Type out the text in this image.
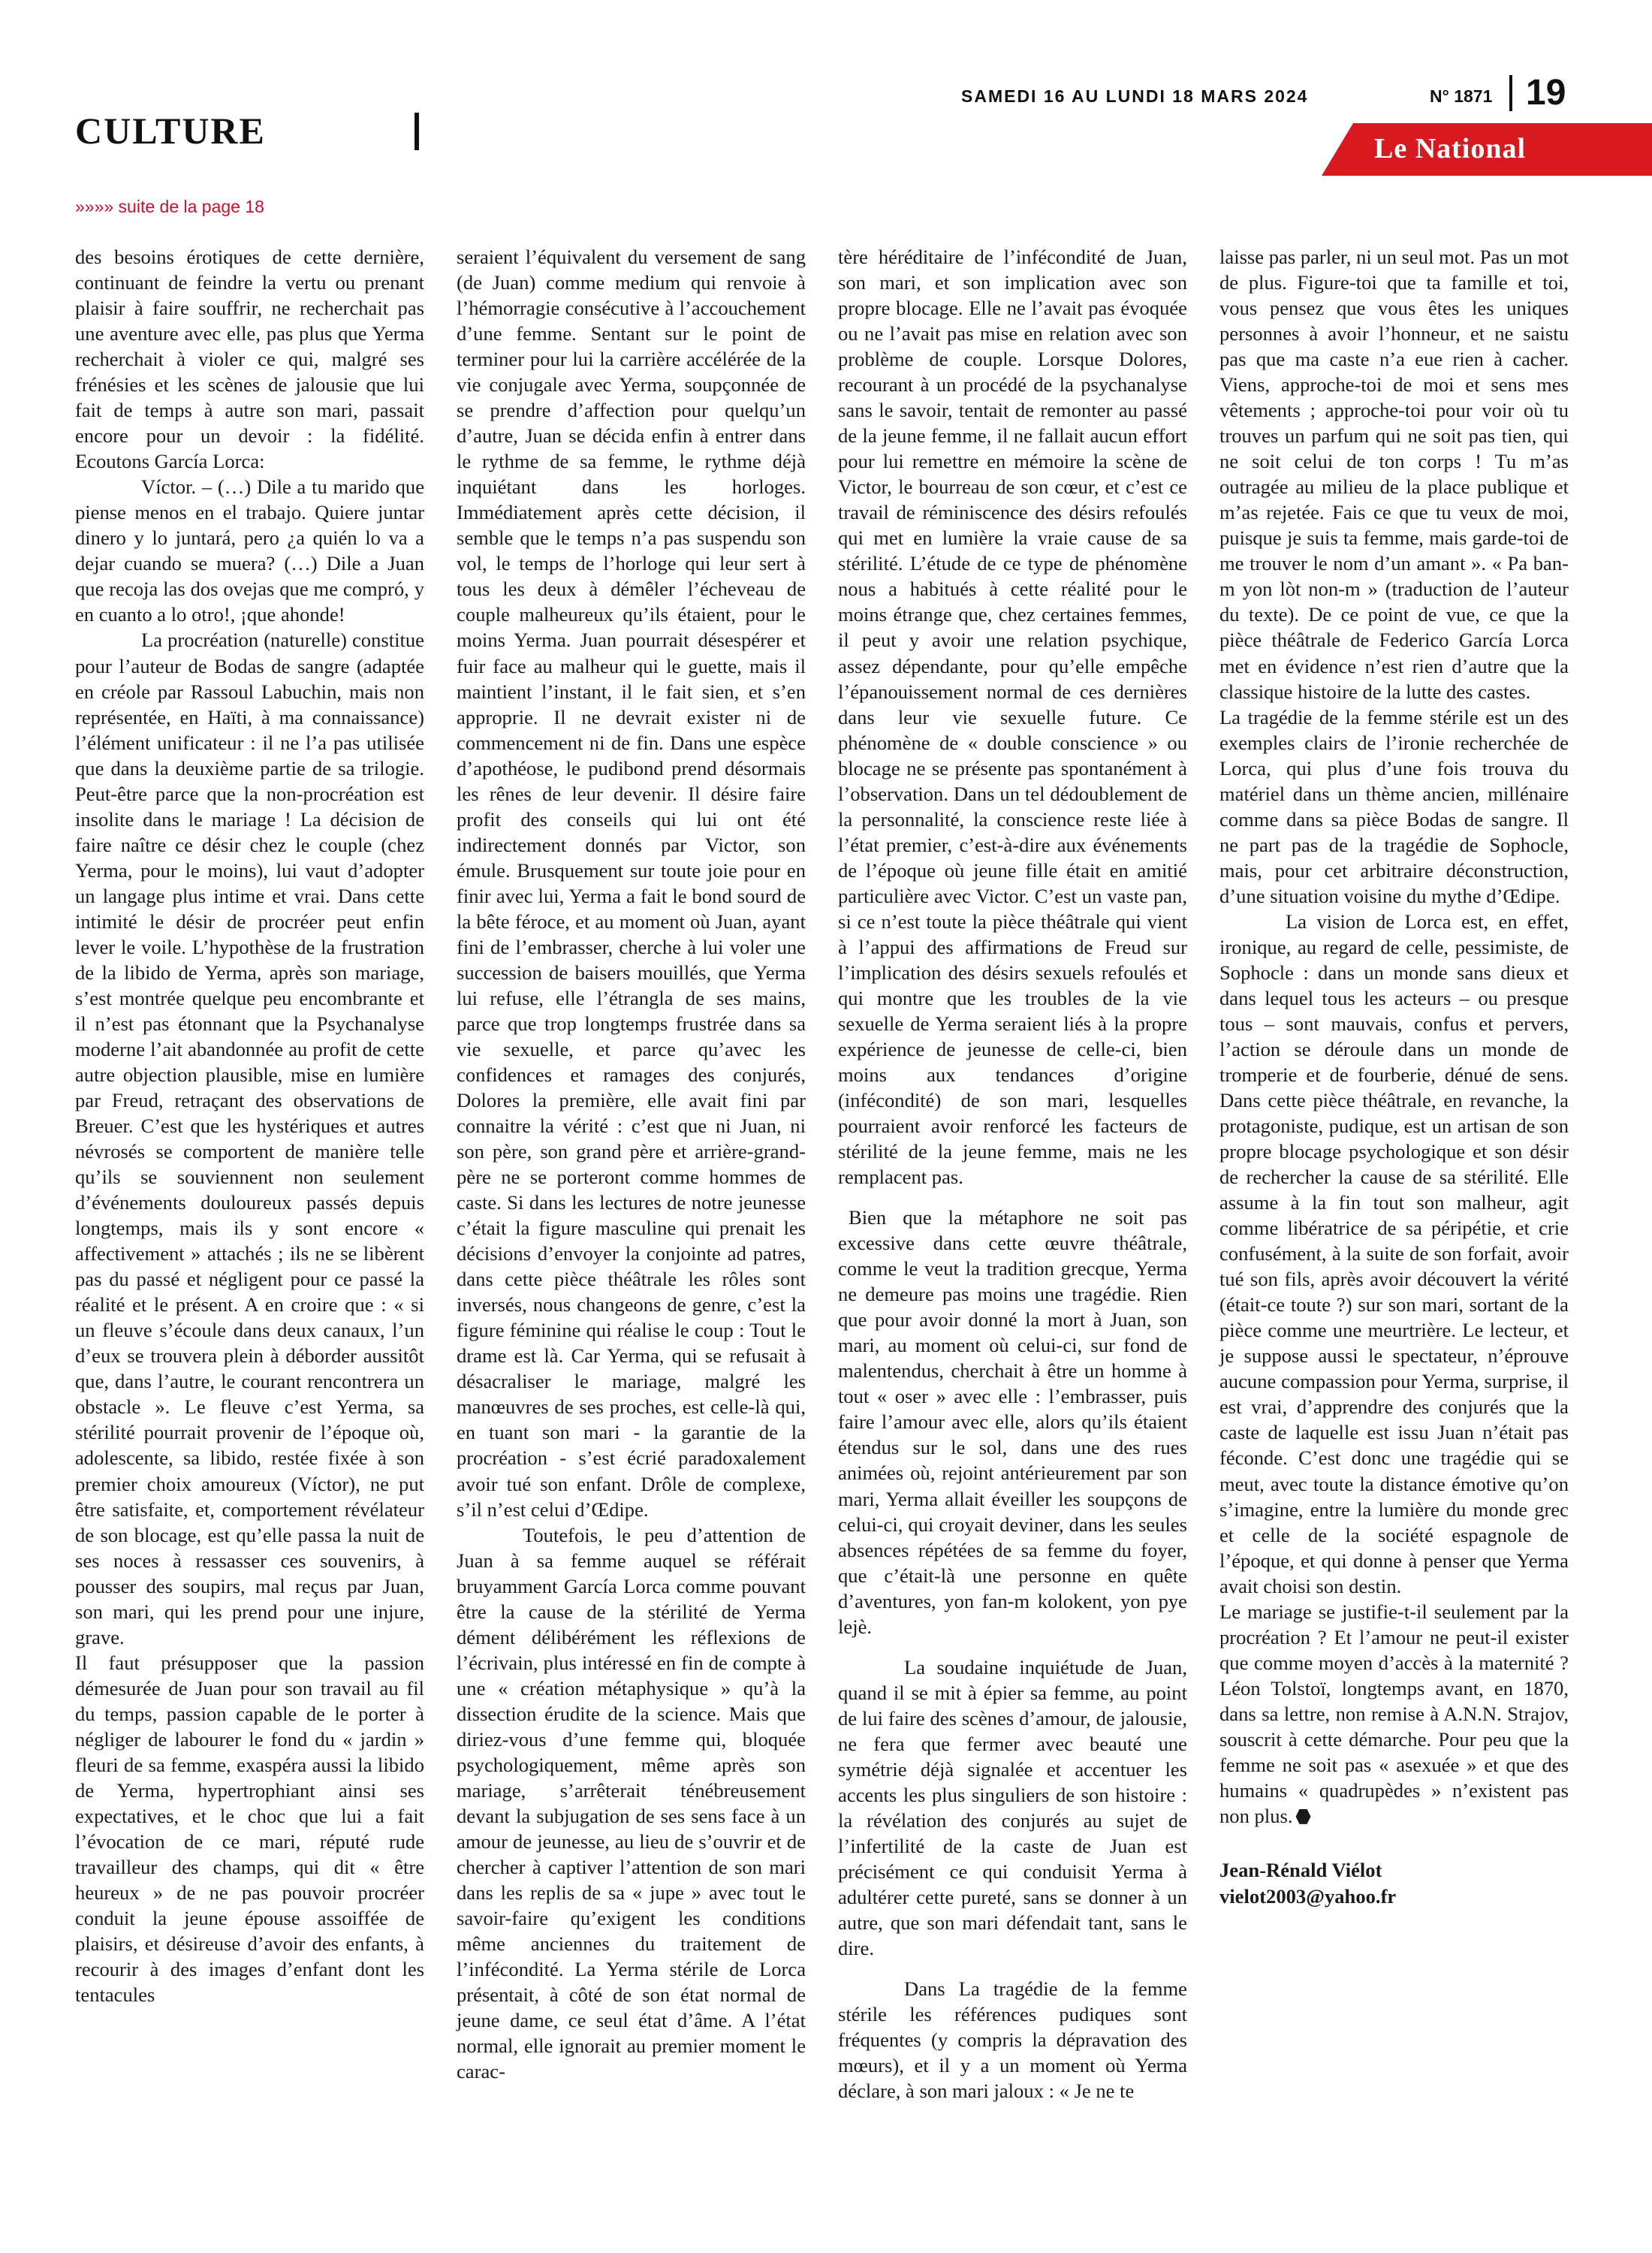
CULTURE
SAMEDI 16 AU LUNDI 18 MARS 2024	N° 1871 19
Le National
»»»» suite de la page 18

des besoins érotiques de cette dernière, continuant de feindre la vertu ou prenant plaisir à faire souffrir, ne recherchait pas une aventure avec elle, pas plus que Yerma recherchait à violer ce qui, malgré ses frénésies et les scènes de jalousie que lui fait de temps à autre son mari, passait encore pour un devoir : la fidélité. Ecoutons García Lorca:

Víctor. – (…) Dile a tu marido que piense menos en el trabajo. Quiere juntar dinero y lo juntará, pero ¿a quién lo va a dejar cuando se muera? (…) Dile a Juan que recoja las dos ovejas que me compró, y en cuanto a lo otro!, ¡que ahonde!

La procréation (naturelle) constitue pour l’auteur de Bodas de sangre (adaptée en créole par Rassoul Labuchin, mais non représentée, en Haïti, à ma connaissance) l’élément unificateur : il ne l’a pas utilisée que dans la deuxième partie de sa trilogie. Peut-être parce que la non-procréation est insolite dans le mariage ! La décision de faire naître ce désir chez le couple (chez Yerma, pour le moins), lui vaut d’adopter un langage plus intime et vrai. Dans cette intimité le désir de procréer peut enfin lever le voile. L’hypothèse de la frustration de la libido de Yerma, après son mariage, s’est montrée quelque peu encombrante et il n’est pas étonnant que la Psychanalyse moderne l’ait abandonnée au profit de cette autre objection plausible, mise en lumière par Freud, retraçant des observations de Breuer. C’est que les hystériques et autres névrosés se comportent de manière telle qu’ils se souviennent non seulement d’événements douloureux passés depuis longtemps, mais ils y sont encore « affectivement » attachés ; ils ne se libèrent pas du passé et négligent pour ce passé la réalité et le présent. A en croire que : « si un fleuve s’écoule dans deux canaux, l’un d’eux se trouvera plein à déborder aussitôt que, dans l’autre, le courant rencontrera un obstacle ». Le fleuve c’est Yerma, sa stérilité pourrait provenir de l’époque où, adolescente, sa libido, restée fixée à son premier choix amoureux (Víctor), ne put être satisfaite, et, comportement révélateur de son blocage, est qu’elle passa la nuit de ses noces à ressasser ces souvenirs, à pousser des soupirs, mal reçus par Juan, son mari, qui les prend pour une injure, grave.

Il faut présupposer que la passion démesurée de Juan pour son travail au fil du temps, passion capable de le porter à négliger de labourer le fond du « jardin » fleuri de sa femme, exaspéra aussi la libido de Yerma, hypertrophiant ainsi ses expectatives, et le choc que lui a fait l’évocation de ce mari, réputé rude travailleur des champs, qui dit « être heureux » de ne pas pouvoir procréer conduit la jeune épouse assoiffée de plaisirs, et désireuse d’avoir des enfants, à recourir à des images d’enfant dont les tentacules

seraient l’équivalent du versement de sang (de Juan) comme medium qui renvoie à l’hémorragie consécutive à l’accouchement d’une femme. Sentant sur le point de terminer pour lui la carrière accélérée de la vie conjugale avec Yerma, soupçonnée de se prendre d’affection pour quelqu’un d’autre, Juan se décida enfin à entrer dans le rythme de sa femme, le rythme déjà inquiétant dans les horloges. Immédiatement après cette décision, il semble que le temps n’a pas suspendu son vol, le temps de l’horloge qui leur sert à tous les deux à démêler l’écheveau de couple malheureux qu’ils étaient, pour le moins Yerma. Juan pourrait désespérer et fuir face au malheur qui le guette, mais il maintient l’instant, il le fait sien, et s’en approprie. Il ne devrait exister ni de commencement ni de fin. Dans une espèce d’apothéose, le pudibond prend désormais les rênes de leur devenir. Il désire faire profit des conseils qui lui ont été indirectement donnés par Victor, son émule. Brusquement sur toute joie pour en finir avec lui, Yerma a fait le bond sourd de la bête féroce, et au moment où Juan, ayant fini de l’embrasser, cherche à lui voler une succession de baisers mouillés, que Yerma lui refuse, elle l’étrangla de ses mains, parce que trop longtemps frustrée dans sa vie sexuelle, et parce qu’avec les confidences et ramages des conjurés, Dolores la première, elle avait fini par connaitre la vérité : c’est que ni Juan, ni son père, son grand père et arrière-grand-père ne se porteront comme hommes de caste. Si dans les lectures de notre jeunesse c’était la figure masculine qui prenait les décisions d’envoyer la conjointe ad patres, dans cette pièce théâtrale les rôles sont inversés, nous changeons de genre, c’est la figure féminine qui réalise le coup : Tout le drame est là. Car Yerma, qui se refusait à désacraliser le mariage, malgré les manœuvres de ses proches, est celle-là qui, en tuant son mari - la garantie de la procréation - s’est écrié paradoxalement avoir tué son enfant. Drôle de complexe, s’il n’est celui d’Œdipe.

Toutefois, le peu d’attention de Juan à sa femme auquel se référait bruyamment García Lorca comme pouvant être la cause de la stérilité de Yerma dément délibérément les réflexions de l’écrivain, plus intéressé en fin de compte à une « création métaphysique » qu’à la dissection érudite de la science. Mais que diriez-vous d’une femme qui, bloquée psychologiquement, même après son mariage, s’arrêterait ténébreusement devant la subjugation de ses sens face à un amour de jeunesse, au lieu de s’ouvrir et de chercher à captiver l’attention de son mari dans les replis de sa « jupe » avec tout le savoir-faire qu’exigent les conditions même anciennes du traitement de l’infécondité. La Yerma stérile de Lorca présentait, à côté de son état normal de jeune dame, ce seul état d’âme. A l’état normal, elle ignorait au premier moment le carac-

tère héréditaire de l’infécondité de Juan, son mari, et son implication avec son propre blocage. Elle ne l’avait pas évoquée ou ne l’avait pas mise en relation avec son problème de couple. Lorsque Dolores, recourant à un procédé de la psychanalyse sans le savoir, tentait de remonter au passé de la jeune femme, il ne fallait aucun effort pour lui remettre en mémoire la scène de Victor, le bourreau de son cœur, et c’est ce travail de réminiscence des désirs refoulés qui met en lumière la vraie cause de sa stérilité. L’étude de ce type de phénomène nous a habitués à cette réalité pour le moins étrange que, chez certaines femmes, il peut y avoir une relation psychique, assez dépendante, pour qu’elle empêche l’épanouissement normal de ces dernières dans leur vie sexuelle future. Ce phénomène de « double conscience » ou blocage ne se présente pas spontanément à l’observation. Dans un tel dédoublement de la personnalité, la conscience reste liée à l’état premier, c’est-à-dire aux événements de l’époque où jeune fille était en amitié particulière avec Victor. C’est un vaste pan, si ce n’est toute la pièce théâtrale qui vient à l’appui des affirmations de Freud sur l’implication des désirs sexuels refoulés et qui montre que les troubles de la vie sexuelle de Yerma seraient liés à la propre expérience de jeunesse de celle-ci, bien moins aux tendances d’origine (infécondité) de son mari, lesquelles pourraient avoir renforcé les facteurs de stérilité de la jeune femme, mais ne les remplacent pas.

Bien que la métaphore ne soit pas excessive dans cette œuvre théâtrale, comme le veut la tradition grecque, Yerma ne demeure pas moins une tragédie. Rien que pour avoir donné la mort à Juan, son mari, au moment où celui-ci, sur fond de malentendus, cherchait à être un homme à tout « oser » avec elle : l’embrasser, puis faire l’amour avec elle, alors qu’ils étaient étendus sur le sol, dans une des rues animées où, rejoint antérieurement par son mari, Yerma allait éveiller les soupçons de celui-ci, qui croyait deviner, dans les seules absences répétées de sa femme du foyer, que c’était-là une personne en quête d’aventures, yon fan-m kolokent, yon pye lejè.

La soudaine inquiétude de Juan, quand il se mit à épier sa femme, au point de lui faire des scènes d’amour, de jalousie, ne fera que fermer avec beauté une symétrie déjà signalée et accentuer les accents les plus singuliers de son histoire : la révélation des conjurés au sujet de l’infertilité de la caste de Juan est précisément ce qui conduisit Yerma à adultérer cette pureté, sans se donner à un autre, que son mari défendait tant, sans le dire.

Dans La tragédie de la femme stérile les références pudiques sont fréquentes (y compris la dépravation des mœurs), et il y a un moment où Yerma déclare, à son mari jaloux : « Je ne te

laisse pas parler, ni un seul mot. Pas un mot de plus. Figure-toi que ta famille et toi, vous pensez que vous êtes les uniques personnes à avoir l’honneur, et ne saistu pas que ma caste n’a eue rien à cacher. Viens, approche-toi de moi et sens mes vêtements ; approche-toi pour voir où tu trouves un parfum qui ne soit pas tien, qui ne soit celui de ton corps ! Tu m’as outragée au milieu de la place publique et m’as rejetée. Fais ce que tu veux de moi, puisque je suis ta femme, mais garde-toi de me trouver le nom d’un amant ». « Pa ban-m yon lòt non-m » (traduction de l’auteur du texte). De ce point de vue, ce que la pièce théâtrale de Federico García Lorca met en évidence n’est rien d’autre que la classique histoire de la lutte des castes.

La tragédie de la femme stérile est un des exemples clairs de l’ironie recherchée de Lorca, qui plus d’une fois trouva du matériel dans un thème ancien, millénaire comme dans sa pièce Bodas de sangre. Il ne part pas de la tragédie de Sophocle, mais, pour cet arbitraire déconstruction, d’une situation voisine du mythe d’Œdipe.

La vision de Lorca est, en effet, ironique, au regard de celle, pessimiste, de Sophocle : dans un monde sans dieux et dans lequel tous les acteurs – ou presque tous – sont mauvais, confus et pervers, l’action se déroule dans un monde de tromperie et de fourberie, dénué de sens. Dans cette pièce théâtrale, en revanche, la protagoniste, pudique, est un artisan de son propre blocage psychologique et son désir de rechercher la cause de sa stérilité. Elle assume à la fin tout son malheur, agit comme libératrice de sa péripétie, et crie confusément, à la suite de son forfait, avoir tué son fils, après avoir découvert la vérité (était-ce toute ?) sur son mari, sortant de la pièce comme une meurtrière. Le lecteur, et je suppose aussi le spectateur, n’éprouve aucune compassion pour Yerma, surprise, il est vrai, d’apprendre des conjurés que la caste de laquelle est issu Juan n’était pas féconde. C’est donc une tragédie qui se meut, avec toute la distance émotive qu’on s’imagine, entre la lumière du monde grec et celle de la société espagnole de l’époque, et qui donne à penser que Yerma avait choisi son destin.

Le mariage se justifie-t-il seulement par la procréation ? Et l’amour ne peut-il exister que comme moyen d’accès à la maternité ? Léon Tolstoï, longtemps avant, en 1870, dans sa lettre, non remise à A.N.N. Strajov, souscrit à cette démarche. Pour peu que la femme ne soit pas « asexuée » et que des humains « quadrupèdes » n’existent pas non plus.

Jean-Rénald Viélot
vielot2003@yahoo.fr
